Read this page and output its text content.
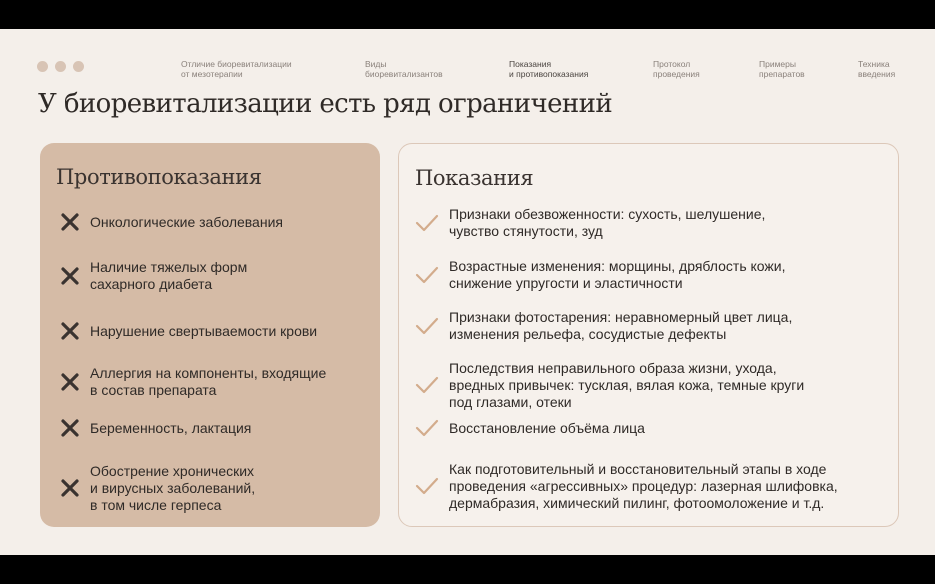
Отличие биоревитализации
от мезотерапии
Виды
биоревитализантов
Показания
и противопоказания
Протокол
проведения
Примеры
препаратов
Техника
введения
У биоревитализации есть ряд ограничений
Противопоказания
Онкологические заболевания
Наличие тяжелых форм
сахарного диабета
Нарушение свертываемости крови
Аллергия на компоненты, входящие
в состав препарата
Беременность, лактация
Обострение хронических
и вирусных заболеваний,
в том числе герпеса
Показания
Признаки обезвоженности: сухость, шелушение,
чувство стянутости, зуд
Возрастные изменения: морщины, дряблость кожи,
снижение упругости и эластичности
Признаки фотостарения: неравномерный цвет лица,
изменения рельефа, сосудистые дефекты
Последствия неправильного образа жизни, ухода,
вредных привычек: тусклая, вялая кожа, темные круги
под глазами, отеки
Восстановление объёма лица
Как подготовительный и восстановительный этапы в ходе
проведения «агрессивных» процедур: лазерная шлифовка,
дермабразия, химический пилинг, фотоомоложение и т.д.
